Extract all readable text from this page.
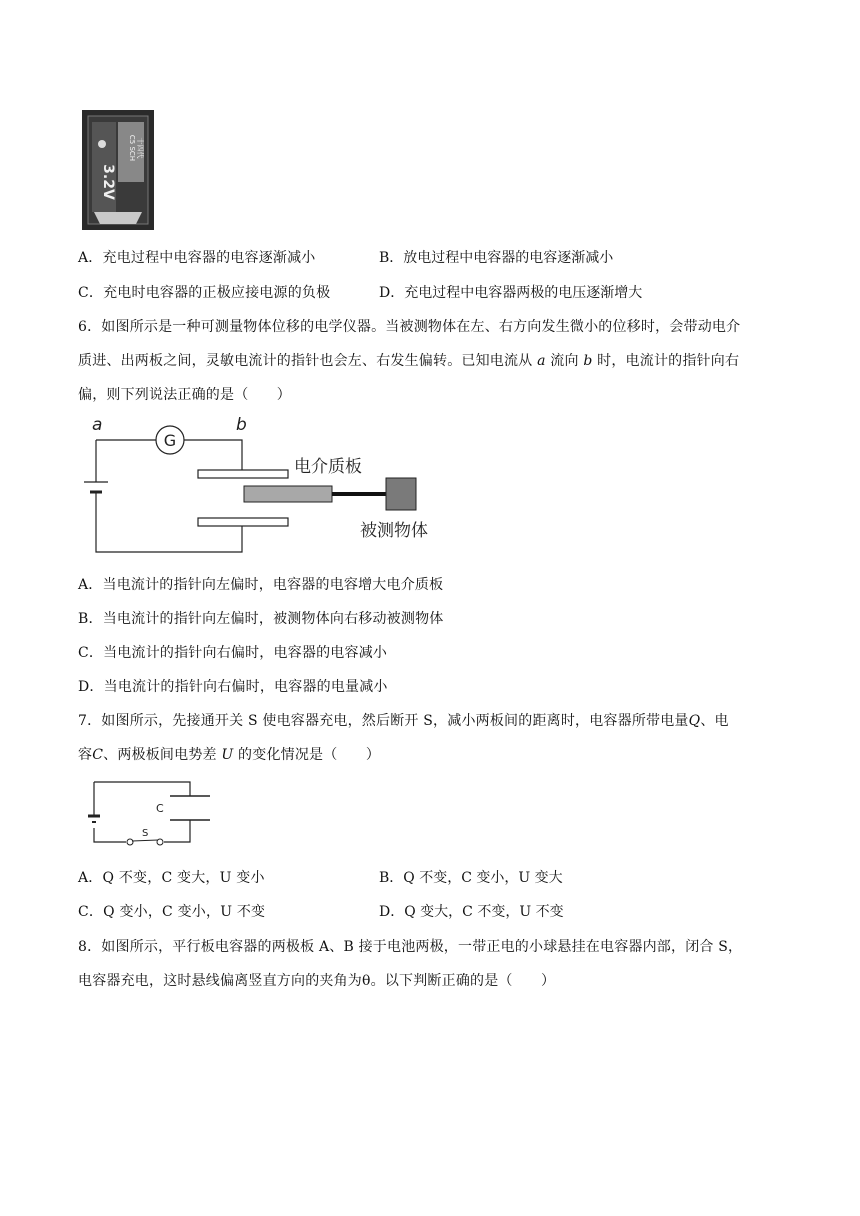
3.2V
C5 SCH 十四代
A．充电过程中电容器的电容逐渐减小	B．放电过程中电容器的电容逐渐减小
C．充电时电容器的正极应接电源的负极	D．充电过程中电容器两极的电压逐渐增大
6．如图所示是一种可测量物体位移的电学仪器。当被测物体在左、右方向发生微小的位移时，会带动电介
质进、出两板之间，灵敏电流计的指针也会左、右发生偏转。已知电流从 a 流向 b 时，电流计的指针向右
偏，则下列说法正确的是（　　）
G
a	b
电介质板
被测物体
A．当电流计的指针向左偏时，电容器的电容增大电介质板
B．当电流计的指针向左偏时，被测物体向右移动被测物体
C．当电流计的指针向右偏时，电容器的电容减小
D．当电流计的指针向右偏时，电容器的电量减小
7．如图所示，先接通开关 S 使电容器充电，然后断开 S，减小两板间的距离时，电容器所带电量Q、电
容C、两极板间电势差 U 的变化情况是（　　）
C
S
A．Q 不变，C 变大，U 变小	B．Q 不变，C 变小，U 变大
C．Q 变小，C 变小，U 不变	D．Q 变大，C 不变，U 不变
8．如图所示，平行板电容器的两极板 A、B 接于电池两极，一带正电的小球悬挂在电容器内部，闭合 S，
电容器充电，这时悬线偏离竖直方向的夹角为θ。以下判断正确的是（　　）
